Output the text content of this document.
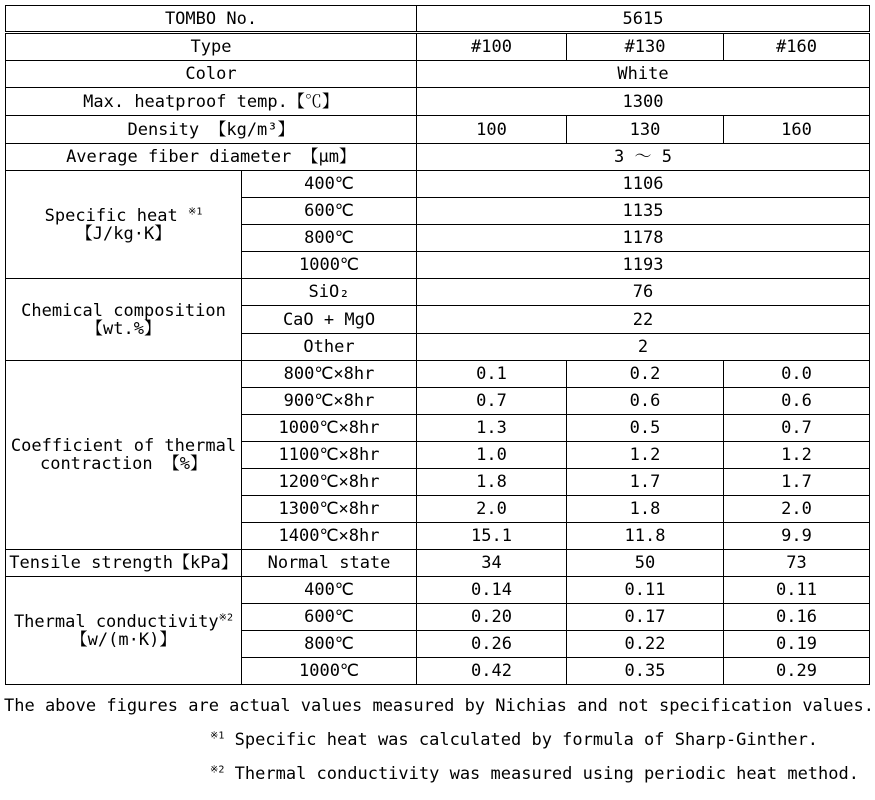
TOMBO No.		5615		
Type		#100	#130	#160
Color		White		
Max. heatproof temp.【℃】		1300		
Density 【kg/m³】		100	130	160
Average fiber diameter 【μm】		3 ～ 5		
Specific heat $^{※1}$
【J/kg·K】	400℃	1106		
	600℃	1135		
	800℃	1178		
	1000℃	1193		
Chemical composition
【wt.%】	SiO₂	76		
	CaO + MgO	22		
	Other	2		

Coefficient of thermal
contraction 【%】	800℃×8hr	0.1	0.2	0.0
	900℃×8hr	0.7	0.6	0.6
	1000℃×8hr	1.3	0.5	0.7
	1100℃×8hr	1.0	1.2	1.2
	1200℃×8hr	1.8	1.7	1.7
	1300℃×8hr	2.0	1.8	2.0
	1400℃×8hr	15.1	11.8	9.9
Tensile strength【kPa】	Normal state	34	50	73
Thermal conductivity$^{※2}$
【w/(m·K)】	400℃	0.14	0.11	0.11
	600℃	0.20	0.17	0.16
	800℃	0.26	0.22	0.19
	1000℃	0.42	0.35	0.29
The above figures are actual values measured by Nichias and not specification values.
$^{※1}$ Specific heat was calculated by formula of Sharp-Ginther.
$^{※2}$ Thermal conductivity was measured using periodic heat method.
